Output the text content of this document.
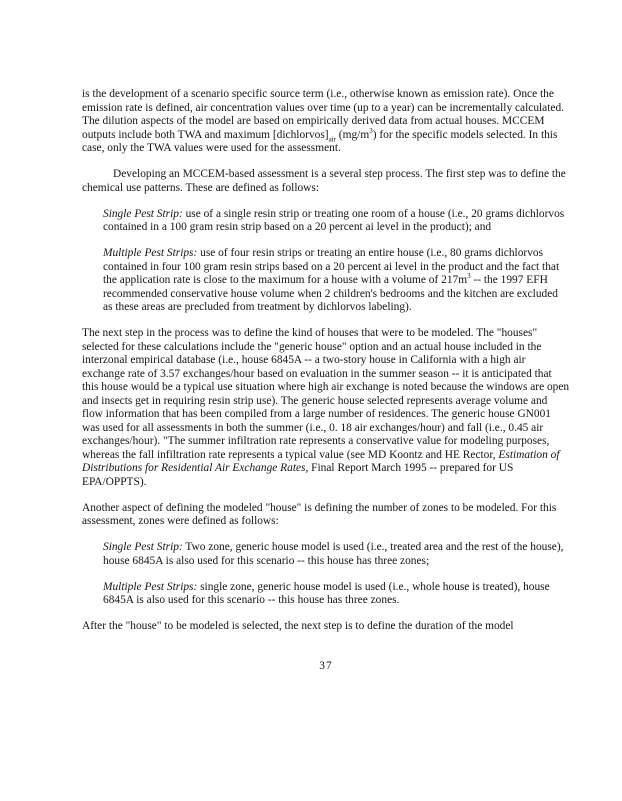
is the development of a scenario specific source term (i.e., otherwise known as emission rate). Once the emission rate is defined, air concentration values over time (up to a year) can be incrementally calculated. The dilution aspects of the model are based on empirically derived data from actual houses. MCCEM outputs include both TWA and maximum $[dichlorvos]_{air}$ $(mg/m^3)$ for the specific models selected. In this case, only the TWA values were used for the assessment.

Developing an MCCEM-based assessment is a several step process. The first step was to define the chemical use patterns. These are defined as follows:

Single Pest Strip: use of a single resin strip or treating one room of a house (i.e., 20 grams dichlorvos contained in a 100 gram resin strip based on a 20 percent ai level in the product); and

Multiple Pest Strips: use of four resin strips or treating an entire house (i.e., 80 grams dichlorvos contained in four 100 gram resin strips based on a 20 percent ai level in the product and the fact that the application rate is close to the maximum for a house with a volume of $217m^3$ -- the 1997 EFH recommended conservative house volume when 2 children's bedrooms and the kitchen are excluded as these areas are precluded from treatment by dichlorvos labeling).

The next step in the process was to define the kind of houses that were to be modeled. The "houses" selected for these calculations include the "generic house" option and an actual house included in the interzonal empirical database (i.e., house 6845A -- a two-story house in California with a high air exchange rate of 3.57 exchanges/hour based on evaluation in the summer season -- it is anticipated that this house would be a typical use situation where high air exchange is noted because the windows are open and insects get in requiring resin strip use). The generic house selected represents average volume and flow information that has been compiled from a large number of residences. The generic house GN001 was used for all assessments in both the summer (i.e., 0. 18 air exchanges/hour) and fall (i.e., 0.45 air exchanges/hour). "The summer infiltration rate represents a conservative value for modeling purposes, whereas the fall infiltration rate represents a typical value (see MD Koontz and HE Rector, Estimation of Distributions for Residential Air Exchange Rates, Final Report March 1995 -- prepared for US EPA/OPPTS).

Another aspect of defining the modeled "house" is defining the number of zones to be modeled. For this assessment, zones were defined as follows:

Single Pest Strip: Two zone, generic house model is used (i.e., treated area and the rest of the house), house 6845A is also used for this scenario -- this house has three zones;

Multiple Pest Strips: single zone, generic house model is used (i.e., whole house is treated), house 6845A is also used for this scenario -- this house has three zones.

After the "house" to be modeled is selected, the next step is to define the duration of the model

37
